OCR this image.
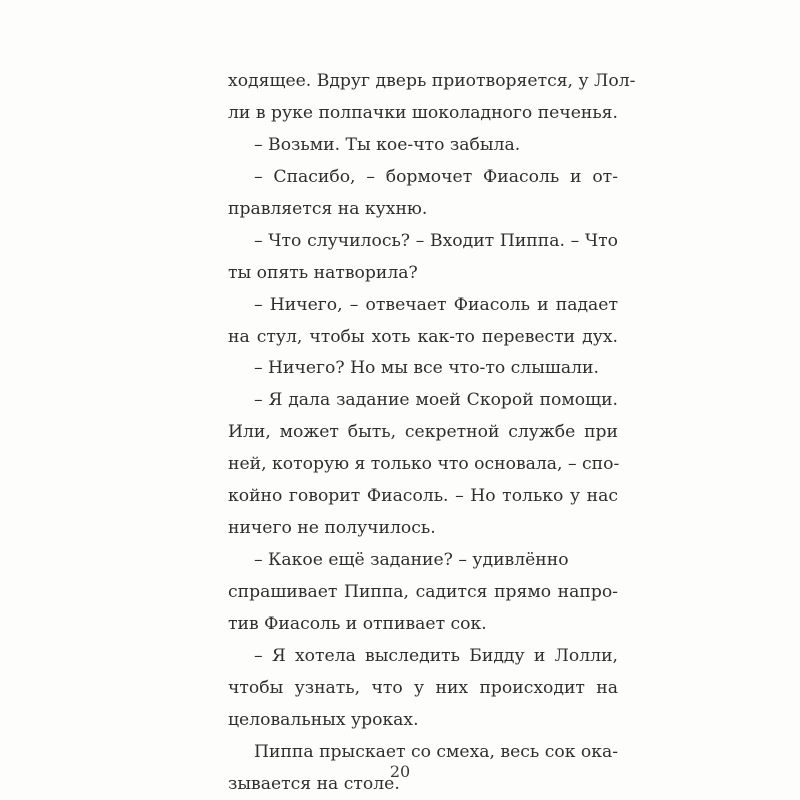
ходящее. Вдруг дверь приотворяется, у Лол-
ли в руке полпачки шоколадного печенья.
– Возьми. Ты кое-что забыла.
– Спасибо, – бормочет Фиасоль и от-
правляется на кухню.
– Что случилось? – Входит Пиппа. – Что
ты опять натворила?
– Ничего, – отвечает Фиасоль и падает
на стул, чтобы хоть как-то перевести дух.
– Ничего? Но мы все что-то слышали.
– Я дала задание моей Скорой помощи.
Или, может быть, секретной службе при
ней, которую я только что основала, – спо-
койно говорит Фиасоль. – Но только у нас
ничего не получилось.
– Какое ещё задание? – удивлённо
спрашивает Пиппа, садится прямо напро-
тив Фиасоль и отпивает сок.
– Я хотела выследить Бидду и Лолли,
чтобы узнать, что у них происходит на
целовальных уроках.
Пиппа прыскает со смеха, весь сок ока-
зывается на столе.
20
